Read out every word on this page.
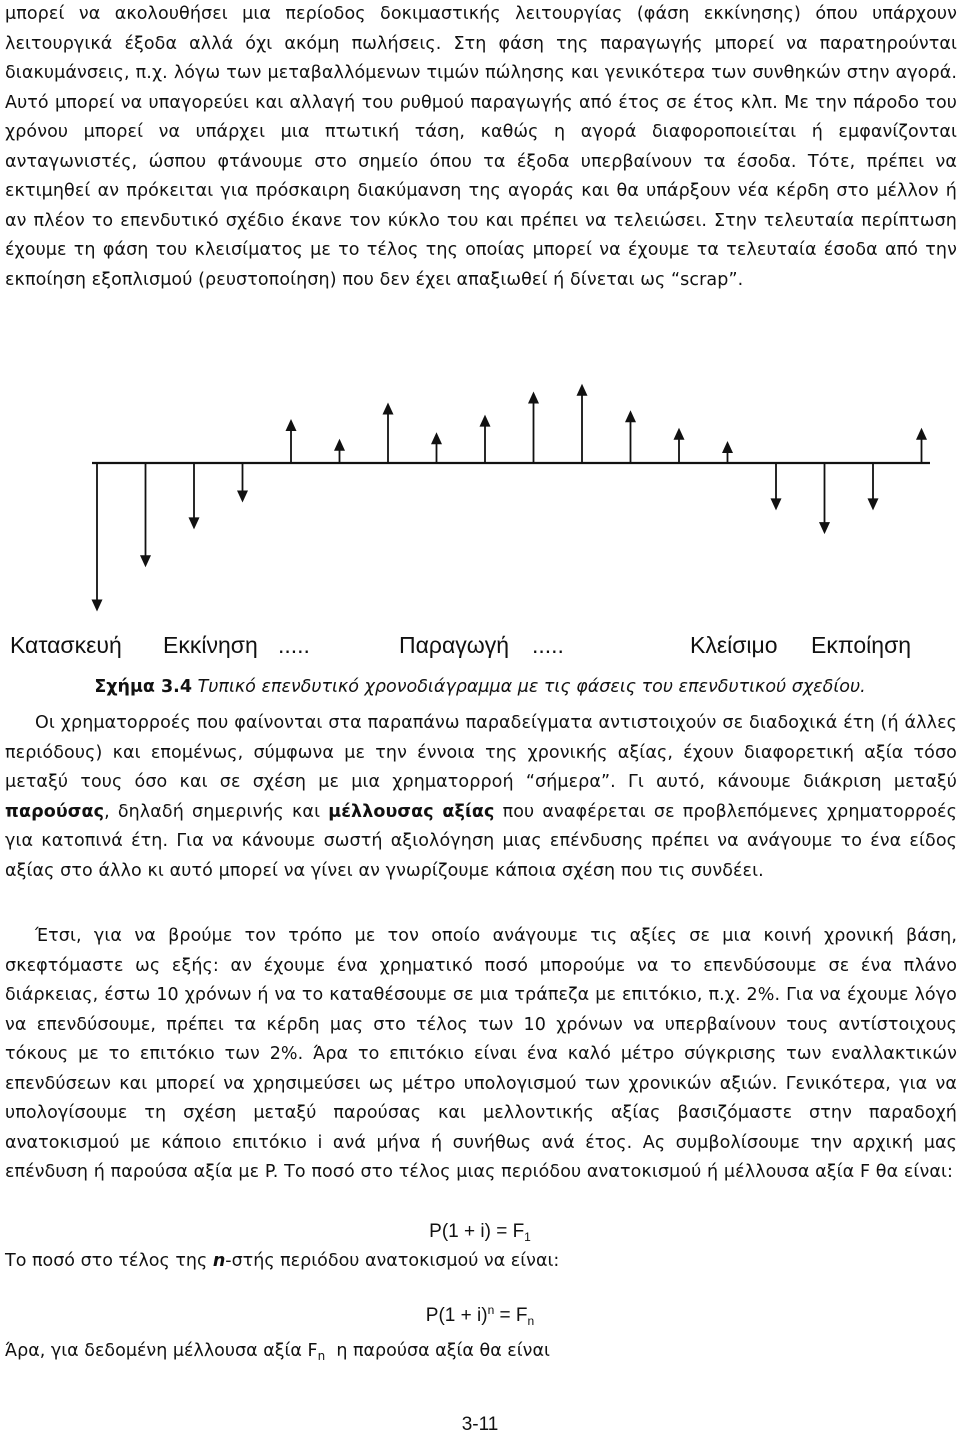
μπορεί να ακολουθήσει μια περίοδος δοκιμαστικής λειτουργίας (φάση εκκίνησης) όπου υπάρχουν λειτουργικά έξοδα αλλά όχι ακόμη πωλήσεις. Στη φάση της παραγωγής μπορεί να παρατηρούνται διακυμάνσεις, π.χ. λόγω των μεταβαλλόμενων τιμών πώλησης και γενικότερα των συνθηκών στην αγορά. Αυτό μπορεί να υπαγορεύει και αλλαγή του ρυθμού παραγωγής από έτος σε έτος κλπ. Με την πάροδο του χρόνου μπορεί να υπάρχει μια πτωτική τάση, καθώς η αγορά διαφοροποιείται ή εμφανίζονται ανταγωνιστές, ώσπου φτάνουμε στο σημείο όπου τα έξοδα υπερβαίνουν τα έσοδα. Τότε, πρέπει να εκτιμηθεί αν πρόκειται για πρόσκαιρη διακύμανση της αγοράς και θα υπάρξουν νέα κέρδη στο μέλλον ή αν πλέον το επενδυτικό σχέδιο έκανε τον κύκλο του και πρέπει να τελειώσει. Στην τελευταία περίπτωση έχουμε τη φάση του κλεισίματος με το τέλος της οποίας μπορεί να έχουμε τα τελευταία έσοδα από την εκποίηση εξοπλισμού (ρευστοποίηση) που δεν έχει απαξιωθεί ή δίνεται ως “scrap”.

Κατασκευή Εκκίνηση .....	Παραγωγή .....	Κλείσιμο Εκποίηση
Σχήμα 3.4 Τυπικό επενδυτικό χρονοδιάγραμμα με τις φάσεις του επενδυτικού σχεδίου.

Οι χρηματορροές που φαίνονται στα παραπάνω παραδείγματα αντιστοιχούν σε διαδοχικά έτη (ή άλλες περιόδους) και επομένως, σύμφωνα με την έννοια της χρονικής αξίας, έχουν διαφορετική αξία τόσο μεταξύ τους όσο και σε σχέση με μια χρηματορροή “σήμερα”. Γι αυτό, κάνουμε διάκριση μεταξύ παρούσας, δηλαδή σημερινής και μέλλουσας αξίας που αναφέρεται σε προβλεπόμενες χρηματορροές για κατοπινά έτη. Για να κάνουμε σωστή αξιολόγηση μιας επένδυσης πρέπει να ανάγουμε το ένα είδος αξίας στο άλλο κι αυτό μπορεί να γίνει αν γνωρίζουμε κάποια σχέση που τις συνδέει.

Έτσι, για να βρούμε τον τρόπο με τον οποίο ανάγουμε τις αξίες σε μια κοινή χρονική βάση, σκεφτόμαστε ως εξής: αν έχουμε ένα χρηματικό ποσό μπορούμε να το επενδύσουμε σε ένα πλάνο διάρκειας, έστω 10 χρόνων ή να το καταθέσουμε σε μια τράπεζα με επιτόκιο, π.χ. 2%. Για να έχουμε λόγο να επενδύσουμε, πρέπει τα κέρδη μας στο τέλος των 10 χρόνων να υπερβαίνουν τους αντίστοιχους τόκους με το επιτόκιο των 2%. Άρα το επιτόκιο είναι ένα καλό μέτρο σύγκρισης των εναλλακτικών επενδύσεων και μπορεί να χρησιμεύσει ως μέτρο υπολογισμού των χρονικών αξιών. Γενικότερα, για να υπολογίσουμε τη σχέση μεταξύ παρούσας και μελλοντικής αξίας βασιζόμαστε στην παραδοχή ανατοκισμού με κάποιο επιτόκιο i ανά μήνα ή συνήθως ανά έτος. Ας συμβολίσουμε την αρχική μας επένδυση ή παρούσα αξία με P. Το ποσό στο τέλος μιας περιόδου ανατοκισμού ή μέλλουσα αξία F θα είναι:

$P(1 + i) = F_1$
Το ποσό στο τέλος της n-στής περιόδου ανατοκισμού να είναι:
$P(1 + i)^n = F_n$
Άρα, για δεδομένη μέλλουσα αξία $F_n$  η παρούσα αξία θα είναι
3-11
